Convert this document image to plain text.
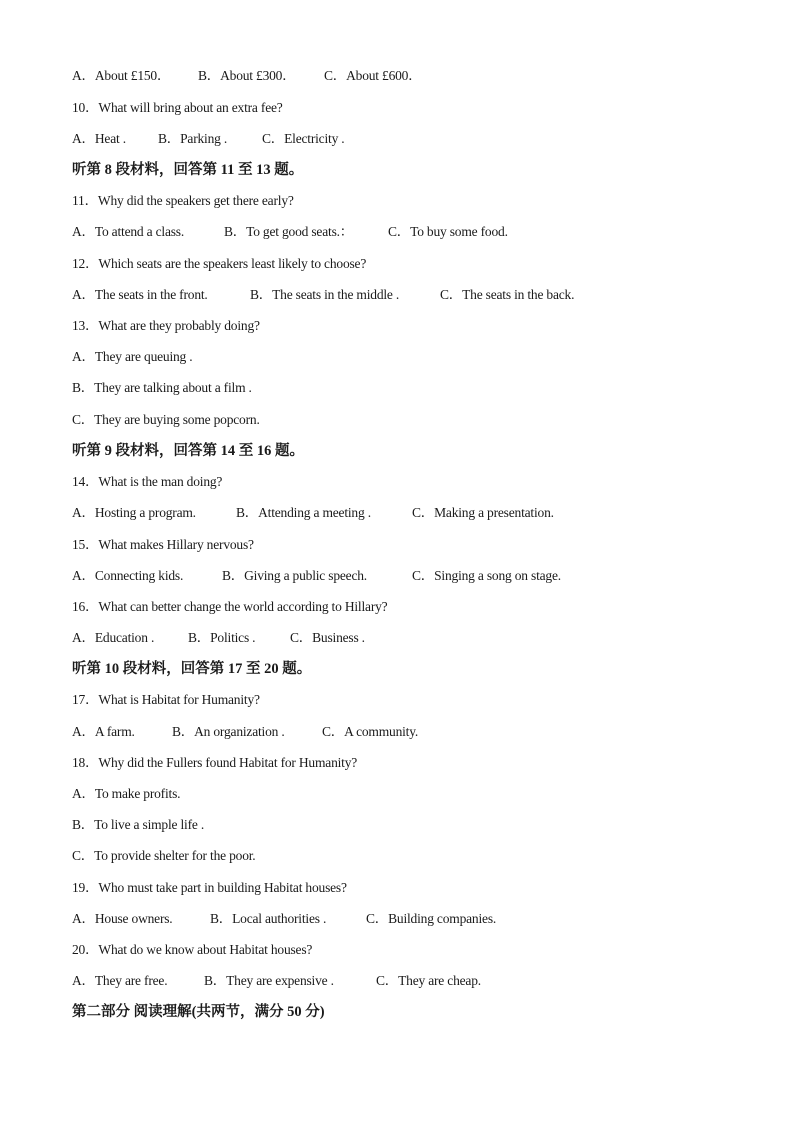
A．About £150． B．About £300． C．About £600．
10．What will bring about an extra fee?
A．Heat . B．Parking .	C．Electricity .
听第 8 段材料，回答第 11 至 13 题。
11．Why did the speakers get there early?
A．To attend a class.	B．To get good seats.：	C．To buy some food.
12．Which seats are the speakers least likely to choose?
A．The seats in the front.	B．The seats in the middle .	C．The seats in the back.
13．What are they probably doing?
A．They are queuing .
B．They are talking about a film .
C．They are buying some popcorn.
听第 9 段材料，回答第 14 至 16 题。
14．What is the man doing?
A．Hosting a program.	B．Attending a meeting .	C．Making a presentation.
15．What makes Hillary nervous?
A．Connecting kids.	B．Giving a public speech.	C．Singing a song on stage.
16．What can better change the world according to Hillary?
A．Education .	B．Politics .	C．Business .
听第 10 段材料，回答第 17 至 20 题。
17．What is Habitat for Humanity?
A．A farm.	B．An organization .	C．A community.
18．Why did the Fullers found Habitat for Humanity?
A．To make profits.
B．To live a simple life .
C．To provide shelter for the poor.
19．Who must take part in building Habitat houses?
A．House owners.	B．Local authorities .	C．Building companies.
20．What do we know about Habitat houses?
A．They are free.	B．They are expensive .	C．They are cheap.
第二部分 阅读理解(共两节，满分 50 分)
